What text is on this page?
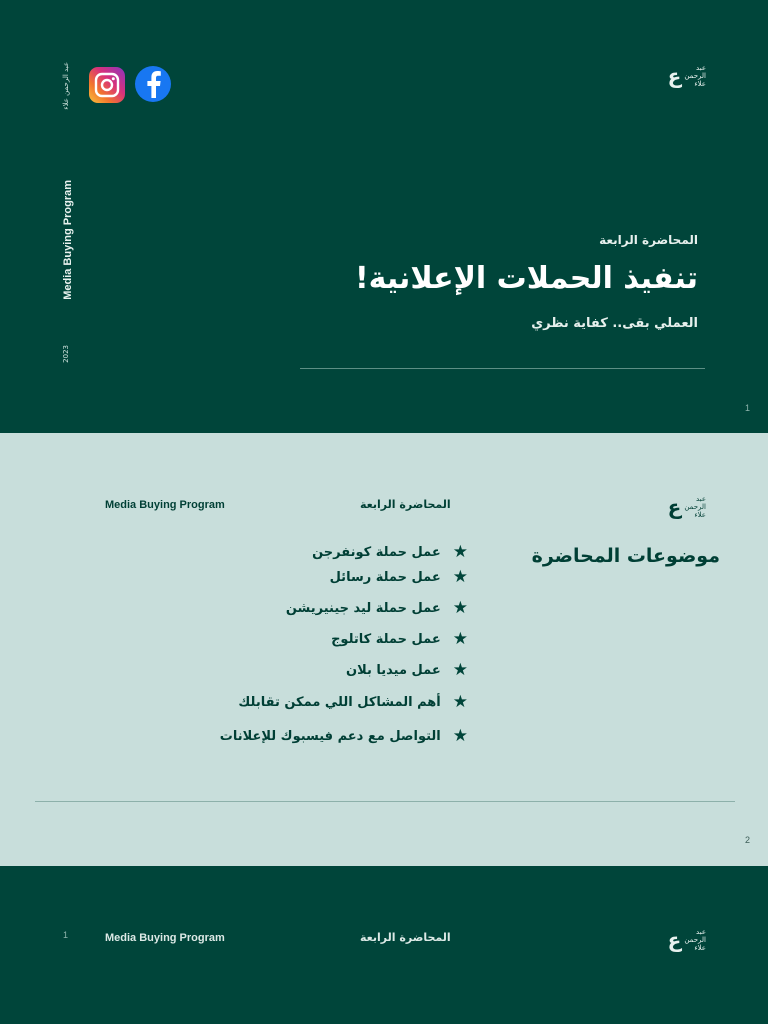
ع	عبد
الرحمن
علاء
عبد الرحمن علاء
Media Buying Program
2023
المحاضرة الرابعة
تنفيذ الحملات الإعلانية!
العملي بقى.. كفاية نظري
1
Media Buying Program	المحاضرة الرابعة	ع	عبد
الرحمن
علاء
موضوعات المحاضرة
★
عمل حملة كونفرجن
★
عمل حملة رسائل
★
عمل حملة ليد جينيريشن
★
عمل حملة كاتلوج
★
عمل ميديا بلان
★
أهم المشاكل اللي ممكن تقابلك
★
التواصل مع دعم فيسبوك للإعلانات
2
1	Media Buying Program	المحاضرة الرابعة	ع	عبد
الرحمن
علاء
